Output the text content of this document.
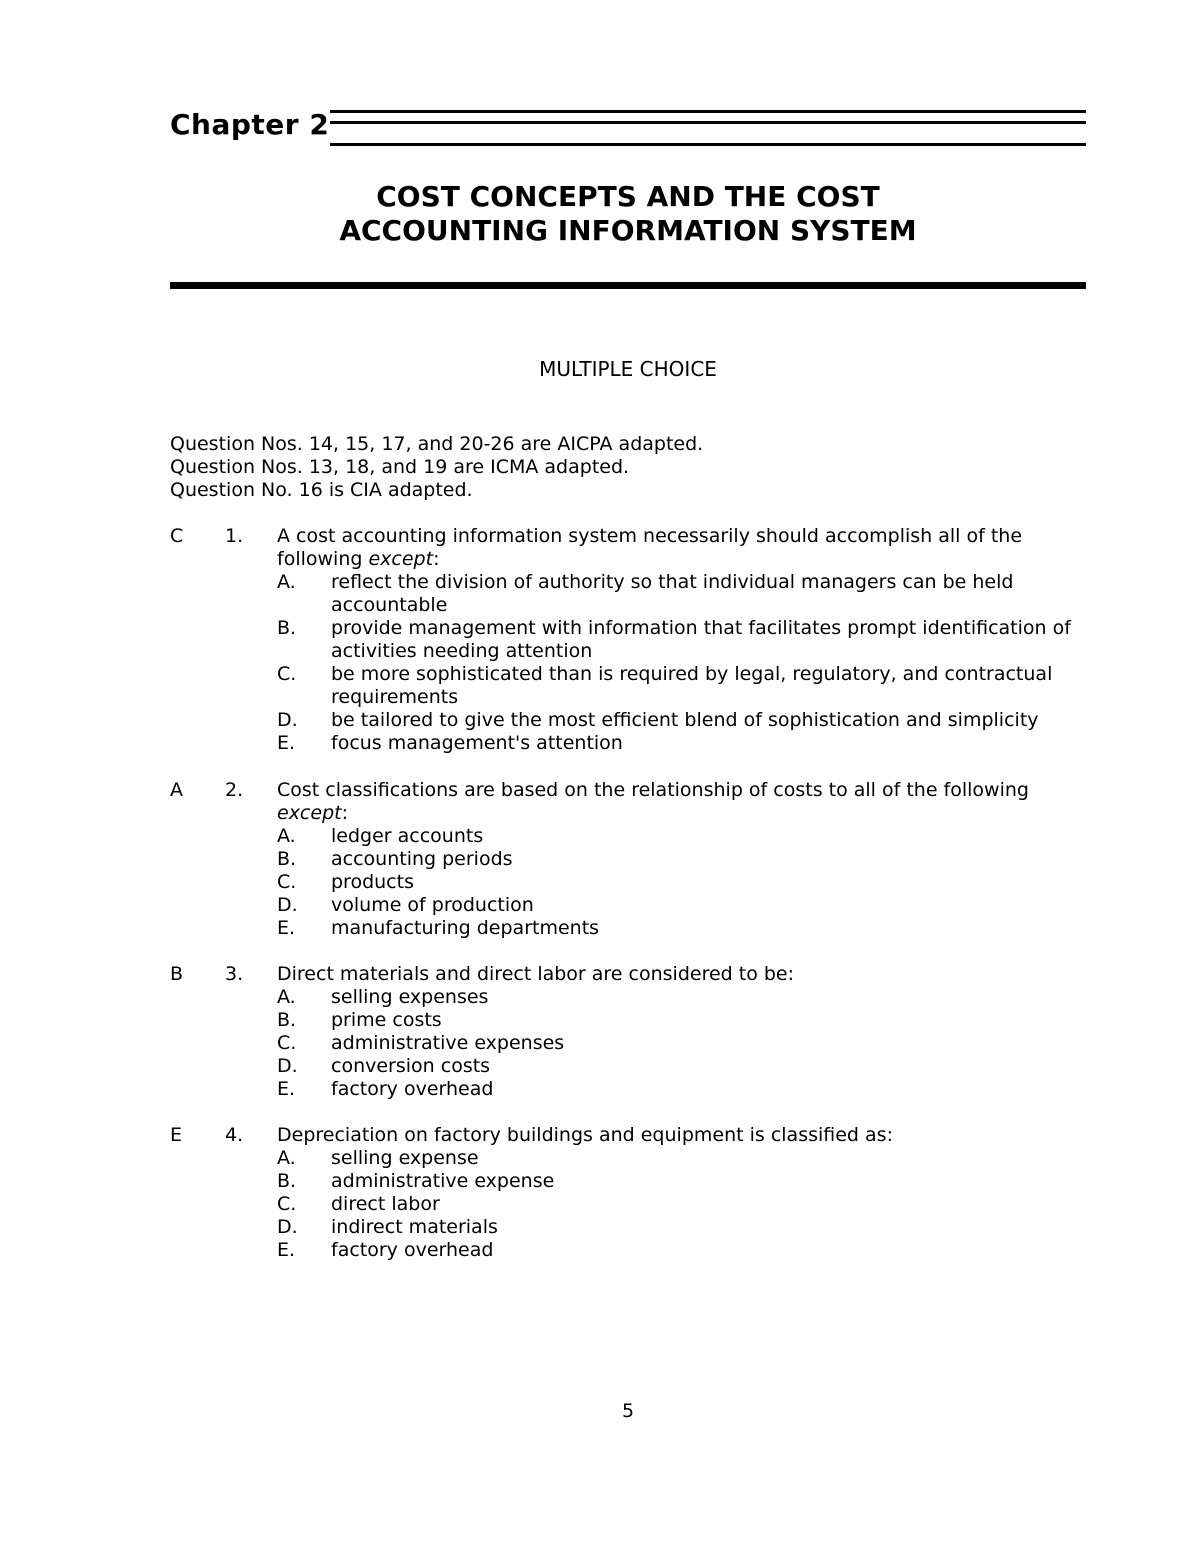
Chapter 2
COST CONCEPTS AND THE COST
ACCOUNTING INFORMATION SYSTEM
MULTIPLE CHOICE
Question Nos. 14, 15, 17, and 20-26 are AICPA adapted.
Question Nos. 13, 18, and 19 are ICMA adapted.
Question No. 16 is CIA adapted.
C 1. A cost accounting information system necessarily should accomplish all of the following except:
A. reflect the division of authority so that individual managers can be held accountable
B. provide management with information that facilitates prompt identification of activities needing attention
C. be more sophisticated than is required by legal, regulatory, and contractual requirements
D. be tailored to give the most efficient blend of sophistication and simplicity
E. focus management's attention
A 2. Cost classifications are based on the relationship of costs to all of the following except:
A. ledger accounts
B. accounting periods
C. products
D. volume of production
E. manufacturing departments
B 3. Direct materials and direct labor are considered to be:
A. selling expenses
B. prime costs
C. administrative expenses
D. conversion costs
E. factory overhead
E 4. Depreciation on factory buildings and equipment is classified as:
A. selling expense
B. administrative expense
C. direct labor
D. indirect materials
E. factory overhead
5
